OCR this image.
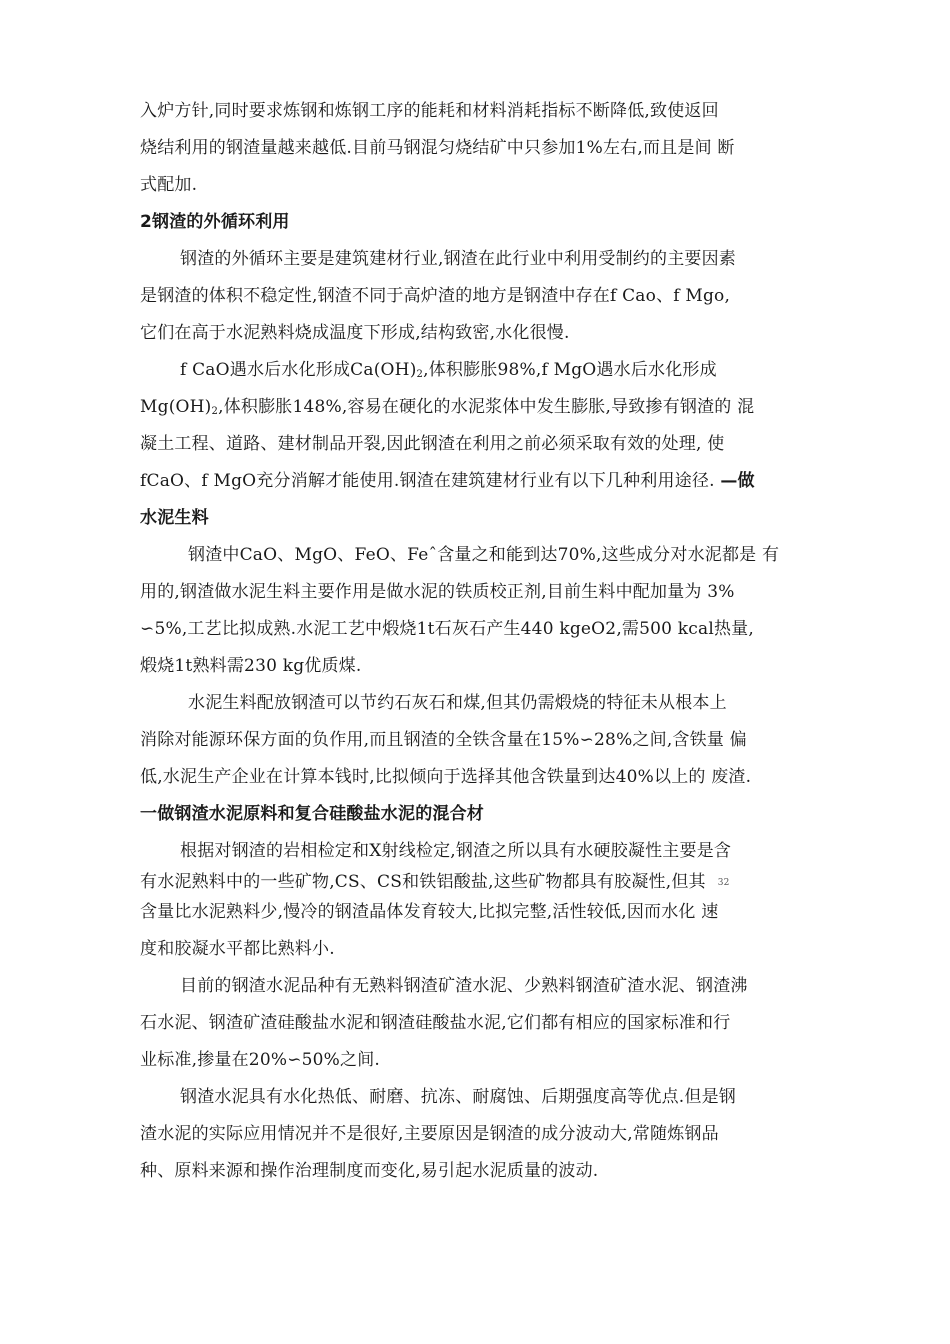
入炉方针,同时要求炼钢和炼钢工序的能耗和材料消耗指标不断降低,致使返回
烧结利用的钢渣量越来越低.目前马钢混匀烧结矿中只参加1%左右,而且是间 断
式配加.
2钢渣的外循环利用
钢渣的外循环主要是建筑建材行业,钢渣在此行业中利用受制约的主要因素
是钢渣的体积不稳定性,钢渣不同于高炉渣的地方是钢渣中存在f Cao、f Mgo,
它们在高于水泥熟料烧成温度下形成,结构致密,水化很慢.
f CaO遇水后水化形成$Ca(OH)_2$,体积膨胀98%,f MgO遇水后水化形成
$Mg(OH)_2$,体积膨胀148%,容易在硬化的水泥浆体中发生膨胀,导致掺有钢渣的 混
凝土工程、道路、建材制品开裂,因此钢渣在利用之前必须采取有效的处理, 使
fCaO、f MgO充分消解才能使用.钢渣在建筑建材行业有以下几种利用途径. —做
水泥生料
钢渣中CaO、MgO、FeO、Feˆ含量之和能到达70%,这些成分对水泥都是 有
用的,钢渣做水泥生料主要作用是做水泥的铁质校正剂,目前生料中配加量为 3%
∽5%,工艺比拟成熟.水泥工艺中煅烧1t石灰石产生440 kgeO2,需500 kcal热量,
煅烧1t熟料需230 kg优质煤.
水泥生料配放钢渣可以节约石灰石和煤,但其仍需煅烧的特征未从根本上
消除对能源环保方面的负作用,而且钢渣的全铁含量在15%∽28%之间,含铁量 偏
低,水泥生产企业在计算本钱时,比拟倾向于选择其他含铁量到达40%以上的 废渣.
一做钢渣水泥原料和复合硅酸盐水泥的混合材
根据对钢渣的岩相检定和X射线检定,钢渣之所以具有水硬胶凝性主要是含
有水泥熟料中的一些矿物,CS、CS和铁铝酸盐,这些矿物都具有胶凝性,但其 32
含量比水泥熟料少,慢冷的钢渣晶体发育较大,比拟完整,活性较低,因而水化 速
度和胶凝水平都比熟料小.
目前的钢渣水泥品种有无熟料钢渣矿渣水泥、少熟料钢渣矿渣水泥、钢渣沸
石水泥、钢渣矿渣硅酸盐水泥和钢渣硅酸盐水泥,它们都有相应的国家标准和行
业标准,掺量在20%∽50%之间.
钢渣水泥具有水化热低、耐磨、抗冻、耐腐蚀、后期强度高等优点.但是钢
渣水泥的实际应用情况并不是很好,主要原因是钢渣的成分波动大,常随炼钢品
种、原料来源和操作治理制度而变化,易引起水泥质量的波动.
